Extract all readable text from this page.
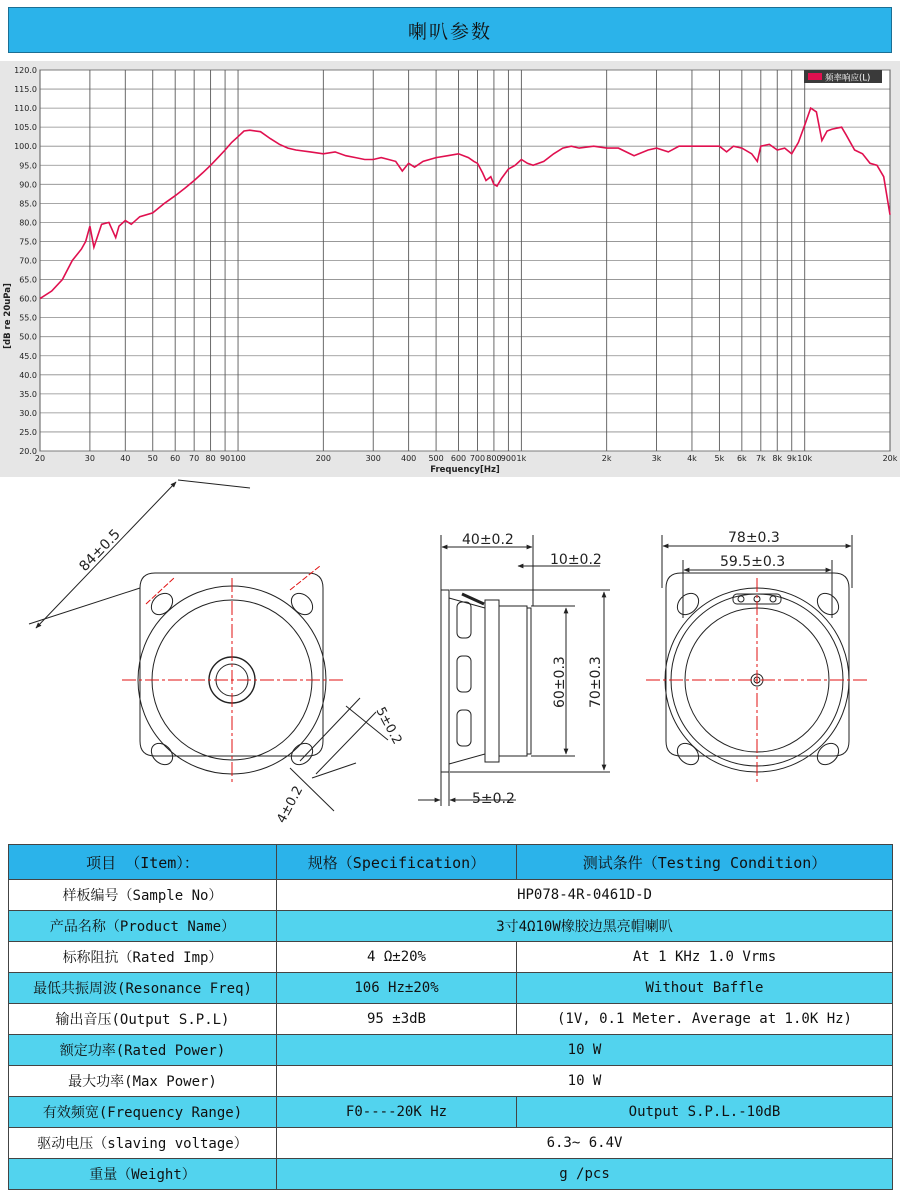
喇叭参数
20.0
25.0
30.0
35.0
40.0
45.0
50.0
55.0
60.0
65.0
70.0
75.0
80.0
85.0
90.0
95.0
100.0
105.0
110.0
115.0
120.0
20	30	40 50 60 70 80 90 100	200	300	400 500 600 700 800 900 1k	2k	3k	4k 5k 6k 7k 8k 9k 10k	20k
频率响应(L)
[dB re 20uPa]
Frequency[Hz]
84±0.5
5±0.2
4±0.2
40±0.2
10±0.2
60±0.3 70±0.3
5±0.2
78±0.3
59.5±0.3
项目 （Item）：	规格（Specification）	测试条件（Testing Condition）
样板编号（Sample No）	HP078-4R-0461D-D	
产品名称（Product Name）	3寸4Ω10W橡胶边黑亮帽喇叭	
标称阻抗（Rated Imp）	4 Ω±20%	At 1 KHz 1.0 Vrms
最低共振周波(Resonance Freq)	106 Hz±20%	Without Baffle
输出音压(Output S.P.L)	95 ±3dB	(1V, 0.1 Meter. Average at 1.0K Hz)
额定功率(Rated Power)	10 W	
最大功率(Max Power)	10 W	
有效频宽(Frequency Range)	F0----20K Hz	Output S.P.L.-10dB
驱动电压（slaving voltage）	6.3~ 6.4V	
重量（Weight）	g /pcs	
